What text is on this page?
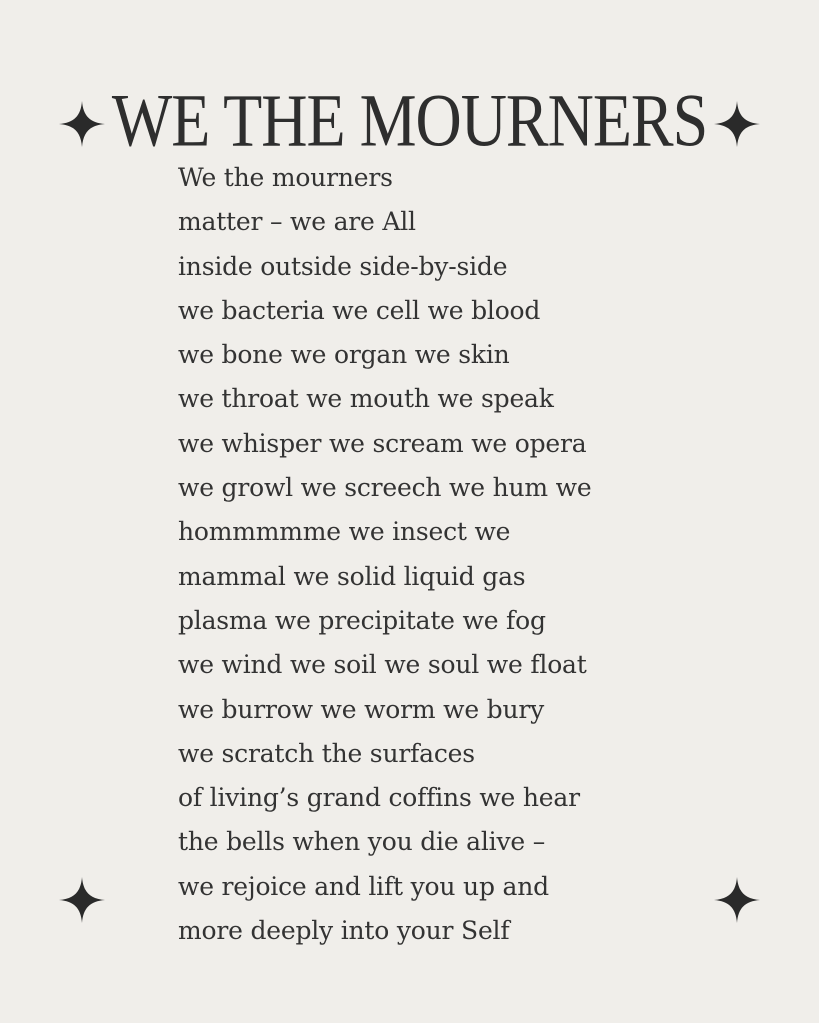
WE THE MOURNERS
We the mourners
matter – we are All
inside outside side-by-side
we bacteria we cell we blood
we bone we organ we skin
we throat we mouth we speak
we whisper we scream we opera
we growl we screech we hum we
hommmmme we insect we
mammal we solid liquid gas
plasma we precipitate we fog
we wind we soil we soul we float
we burrow we worm we bury
we scratch the surfaces
of living’s grand coffins we hear
the bells when you die alive –
we rejoice and lift you up and
more deeply into your Self
